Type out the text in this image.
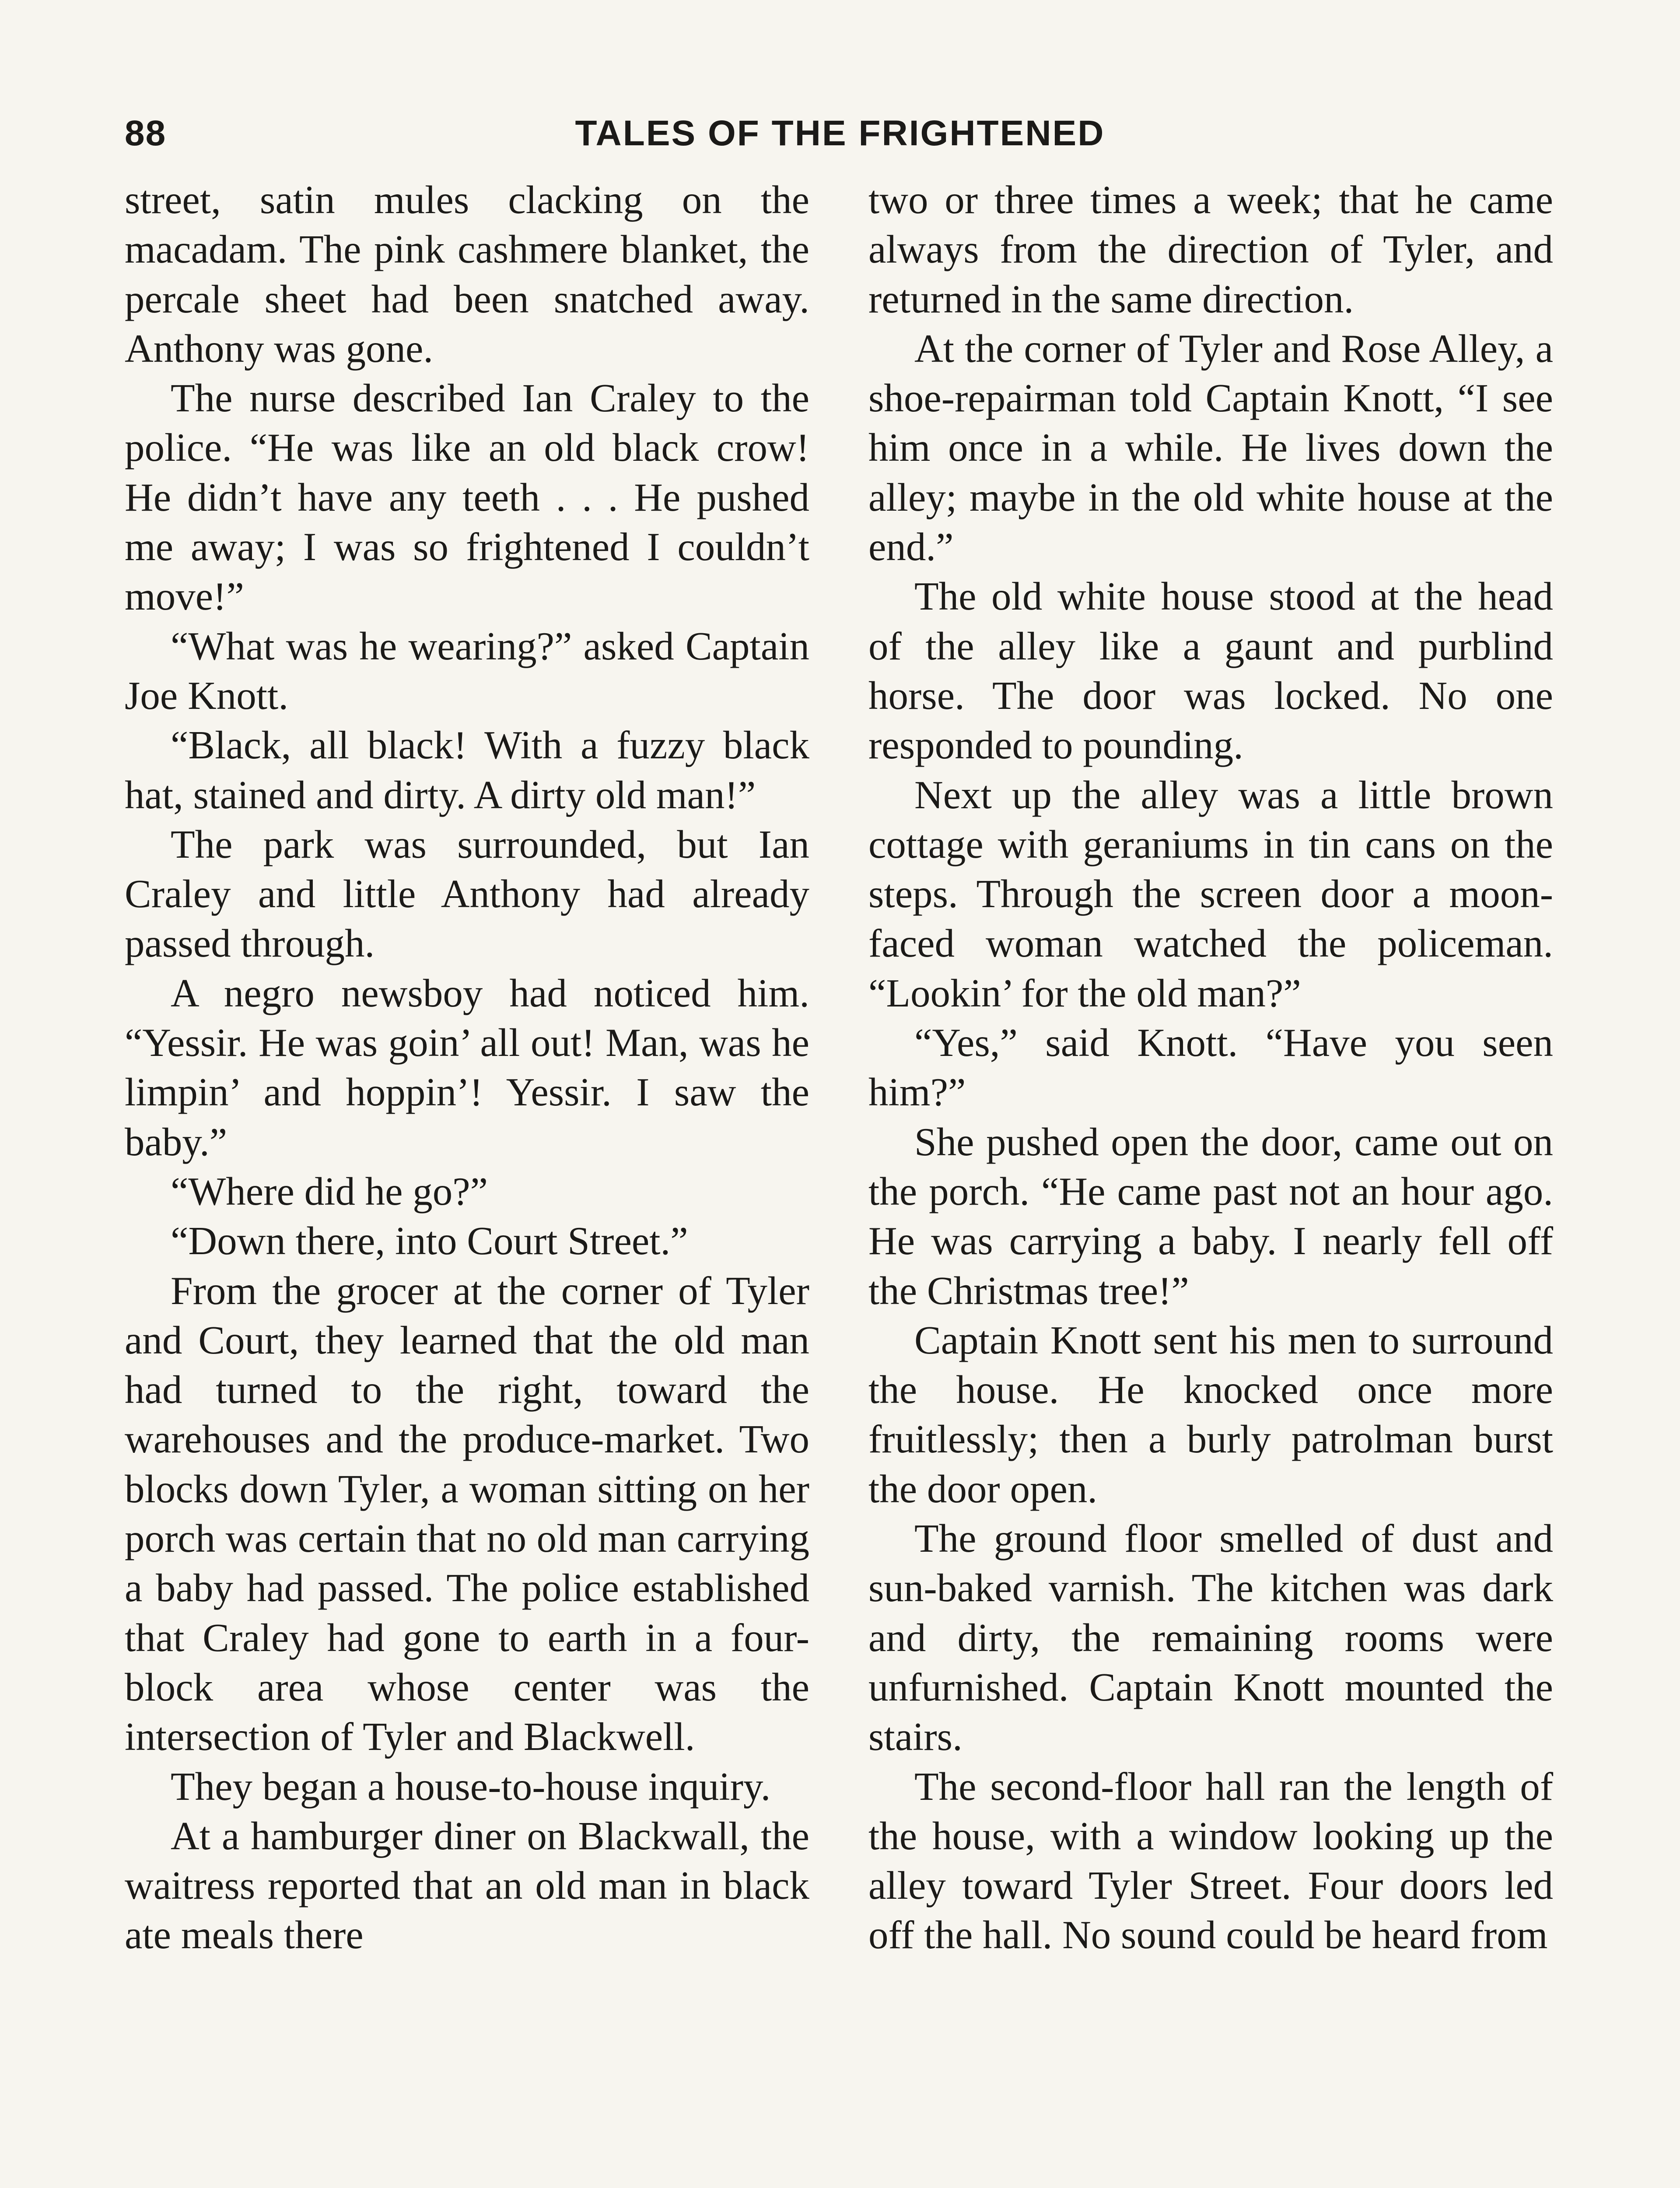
88	TALES OF THE FRIGHTENED

street, satin mules clacking on the macadam. The pink cashmere blanket, the percale sheet had been snatched away. Anthony was gone.

The nurse described Ian Craley to the police. “He was like an old black crow! He didn’t have any teeth . . . He pushed me away; I was so frightened I couldn’t move!”

“What was he wearing?” asked Captain Joe Knott.

“Black, all black! With a fuzzy black hat, stained and dirty. A dirty old man!”

The park was surrounded, but Ian Craley and little Anthony had already passed through.

A negro newsboy had noticed him. “Yessir. He was goin’ all out! Man, was he limpin’ and hoppin’! Yessir. I saw the baby.”

“Where did he go?”

“Down there, into Court Street.”

From the grocer at the corner of Tyler and Court, they learned that the old man had turned to the right, toward the warehouses and the produce-market. Two blocks down Tyler, a woman sitting on her porch was certain that no old man carrying a baby had passed. The police established that Craley had gone to earth in a four-block area whose center was the intersection of Tyler and Blackwell.

They began a house-to-house inquiry.

At a hamburger diner on Blackwall, the waitress reported that an old man in black ate meals there

two or three times a week; that he came always from the direction of Tyler, and returned in the same direction.

At the corner of Tyler and Rose Alley, a shoe-repairman told Captain Knott, “I see him once in a while. He lives down the alley; maybe in the old white house at the end.”

The old white house stood at the head of the alley like a gaunt and purblind horse. The door was locked. No one responded to pounding.

Next up the alley was a little brown cottage with geraniums in tin cans on the steps. Through the screen door a moon-faced woman watched the policeman. “Lookin’ for the old man?”

“Yes,” said Knott. “Have you seen him?”

She pushed open the door, came out on the porch. “He came past not an hour ago. He was carrying a baby. I nearly fell off the Christmas tree!”

Captain Knott sent his men to surround the house. He knocked once more fruitlessly; then a burly patrolman burst the door open.

The ground floor smelled of dust and sun-baked varnish. The kitchen was dark and dirty, the remaining rooms were unfurnished. Captain Knott mounted the stairs.

The second-floor hall ran the length of the house, with a window looking up the alley toward Tyler Street. Four doors led off the hall. No sound could be heard from
